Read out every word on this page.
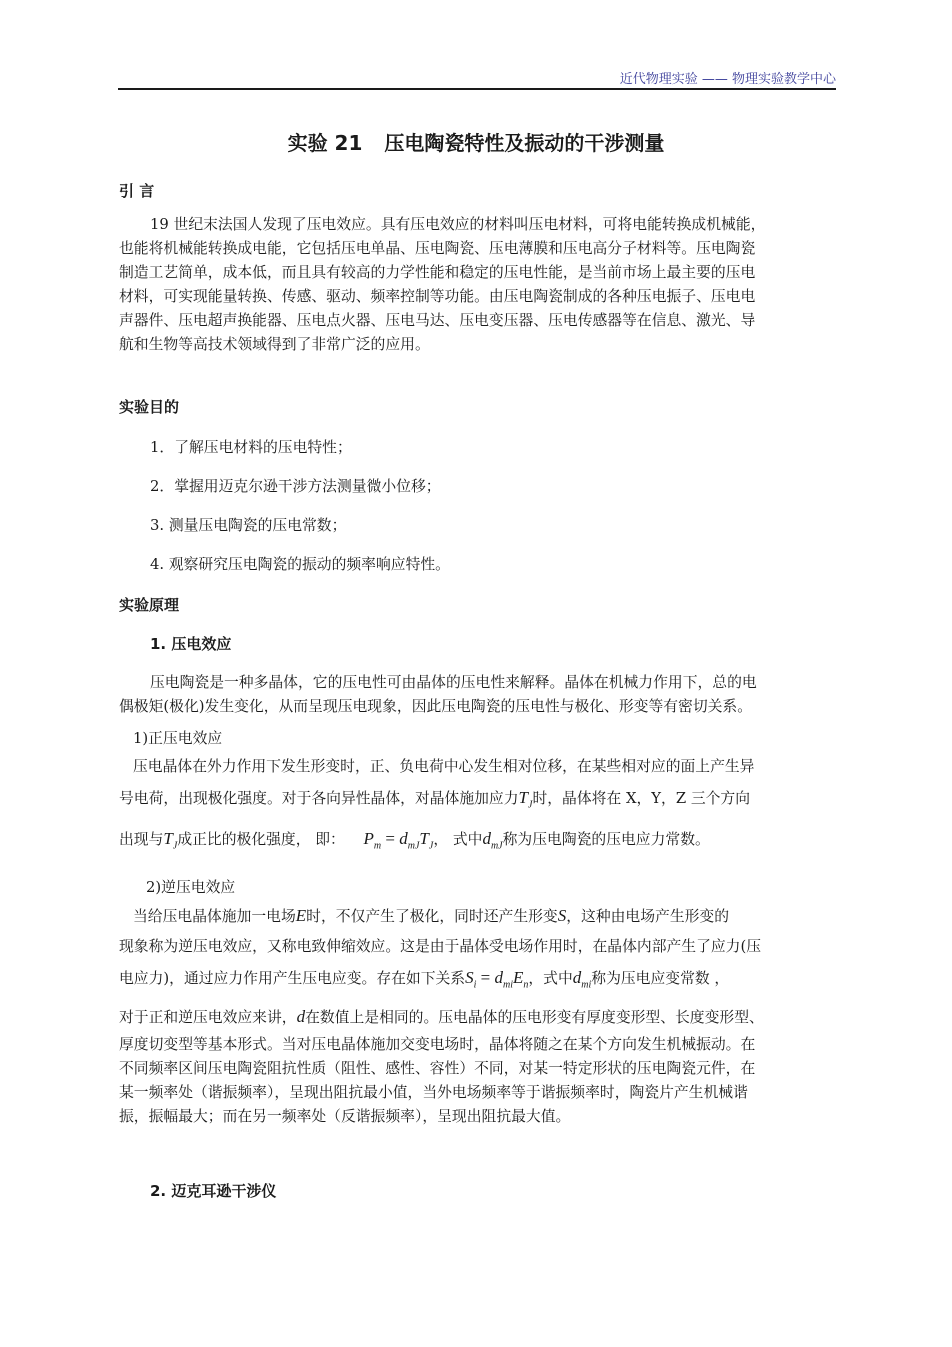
近代物理实验 —— 物理实验教学中心
实验 21 压电陶瓷特性及振动的干涉测量
引 言

19 世纪末法国人发现了压电效应。具有压电效应的材料叫压电材料，可将电能转换成机械能，

也能将机械能转换成电能，它包括压电单晶、压电陶瓷、压电薄膜和压电高分子材料等。压电陶瓷

制造工艺简单，成本低，而且具有较高的力学性能和稳定的压电性能，是当前市场上最主要的压电

材料，可实现能量转换、传感、驱动、频率控制等功能。由压电陶瓷制成的各种压电振子、压电电

声器件、压电超声换能器、压电点火器、压电马达、压电变压器、压电传感器等在信息、激光、导

航和生物等高技术领域得到了非常广泛的应用。

实验目的
1．了解压电材料的压电特性；
2．掌握用迈克尔逊干涉方法测量微小位移；
3. 测量压电陶瓷的压电常数；
4. 观察研究压电陶瓷的振动的频率响应特性。
实验原理
1. 压电效应

压电陶瓷是一种多晶体，它的压电性可由晶体的压电性来解释。晶体在机械力作用下，总的电

偶极矩(极化)发生变化，从而呈现压电现象，因此压电陶瓷的压电性与极化、形变等有密切关系。

1)正压电效应
压电晶体在外力作用下发生形变时，正、负电荷中心发生相对位移，在某些相对应的面上产生异
号电荷，出现极化强度。对于各向异性晶体，对晶体施加应力$T_J$时，晶体将在 X，Y，Z 三个方向
出现与$T_J$成正比的极化强度， 即： $P_m = d_{mJ}T_J$， 式中$d_{mJ}$称为压电陶瓷的压电应力常数。
2)逆压电效应
当给压电晶体施加一电场E时，不仅产生了极化，同时还产生形变S，这种由电场产生形变的
现象称为逆压电效应，又称电致伸缩效应。这是由于晶体受电场作用时，在晶体内部产生了应力(压
电应力)，通过应力作用产生压电应变。存在如下关系$S_i = d_{mi}E_n$，式中$d_{mi}$称为压电应变常数 ，
对于正和逆压电效应来讲，d在数值上是相同的。压电晶体的压电形变有厚度变形型、长度变形型、

厚度切变型等基本形式。当对压电晶体施加交变电场时，晶体将随之在某个方向发生机械振动。在

不同频率区间压电陶瓷阻抗性质（阻性、感性、容性）不同，对某一特定形状的压电陶瓷元件，在

某一频率处（谐振频率），呈现出阻抗最小值，当外电场频率等于谐振频率时，陶瓷片产生机械谐

振，振幅最大；而在另一频率处（反谐振频率），呈现出阻抗最大值。

2. 迈克耳逊干涉仪
